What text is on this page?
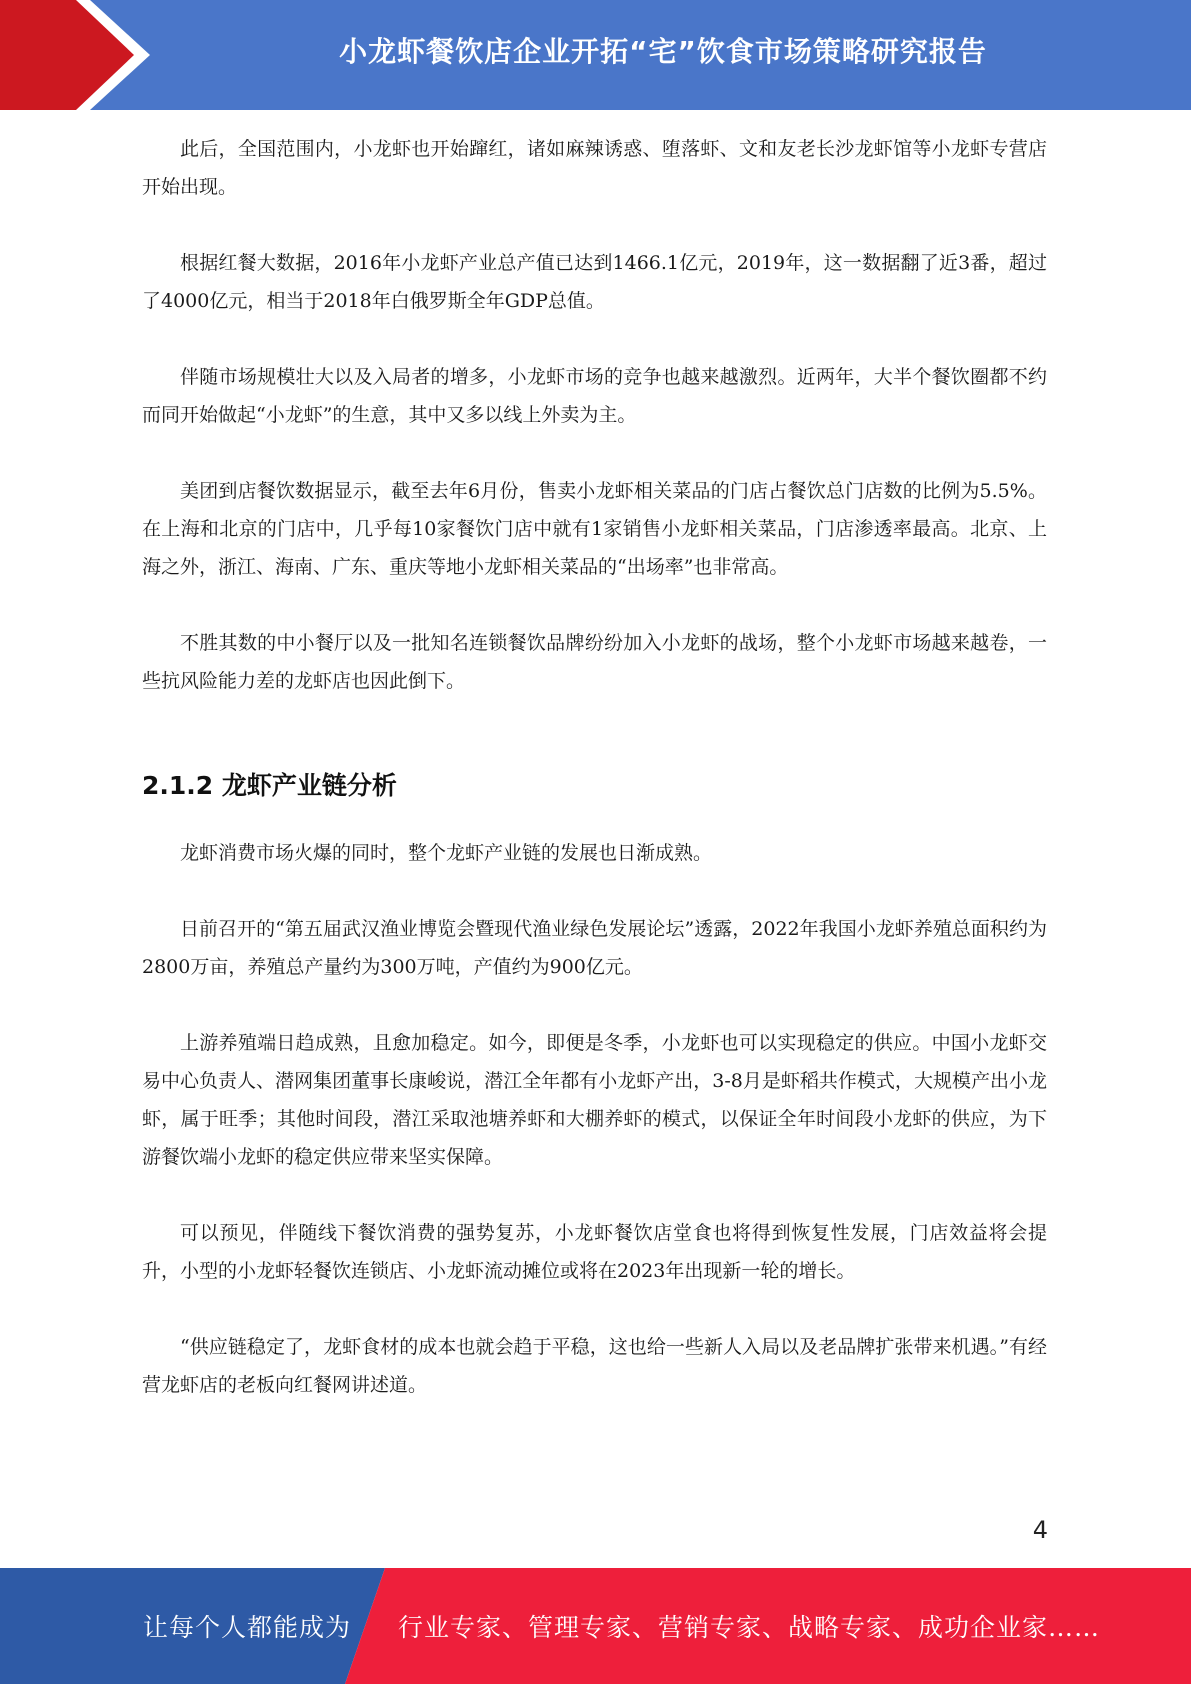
小龙虾餐饮店企业开拓“宅”饮食市场策略研究报告

此后，全国范围内，小龙虾也开始蹿红，诸如麻辣诱惑、堕落虾、文和友老长沙龙虾馆等小龙虾专营店开始出现。

根据红餐大数据，2016年小龙虾产业总产值已达到1466.1亿元，2019年，这一数据翻了近3番，超过了4000亿元，相当于2018年白俄罗斯全年GDP总值。

伴随市场规模壮大以及入局者的增多，小龙虾市场的竞争也越来越激烈。近两年，大半个餐饮圈都不约而同开始做起“小龙虾”的生意，其中又多以线上外卖为主。

美团到店餐饮数据显示，截至去年6月份，售卖小龙虾相关菜品的门店占餐饮总门店数的比例为5.5%。在上海和北京的门店中，几乎每10家餐饮门店中就有1家销售小龙虾相关菜品，门店渗透率最高。北京、上海之外，浙江、海南、广东、重庆等地小龙虾相关菜品的“出场率”也非常高。

不胜其数的中小餐厅以及一批知名连锁餐饮品牌纷纷加入小龙虾的战场，整个小龙虾市场越来越卷，一些抗风险能力差的龙虾店也因此倒下。

2.1.2 龙虾产业链分析

龙虾消费市场火爆的同时，整个龙虾产业链的发展也日渐成熟。

日前召开的“第五届武汉渔业博览会暨现代渔业绿色发展论坛”透露，2022年我国小龙虾养殖总面积约为2800万亩，养殖总产量约为300万吨，产值约为900亿元。

上游养殖端日趋成熟，且愈加稳定。如今，即便是冬季，小龙虾也可以实现稳定的供应。中国小龙虾交易中心负责人、潜网集团董事长康峻说，潜江全年都有小龙虾产出，3-8月是虾稻共作模式，大规模产出小龙虾，属于旺季；其他时间段，潜江采取池塘养虾和大棚养虾的模式，以保证全年时间段小龙虾的供应，为下游餐饮端小龙虾的稳定供应带来坚实保障。

可以预见，伴随线下餐饮消费的强势复苏，小龙虾餐饮店堂食也将得到恢复性发展，门店效益将会提升，小型的小龙虾轻餐饮连锁店、小龙虾流动摊位或将在2023年出现新一轮的增长。

“供应链稳定了，龙虾食材的成本也就会趋于平稳，这也给一些新人入局以及老品牌扩张带来机遇。”有经营龙虾店的老板向红餐网讲述道。

4
让每个人都能成为 行业专家、管理专家、营销专家、战略专家、成功企业家……
